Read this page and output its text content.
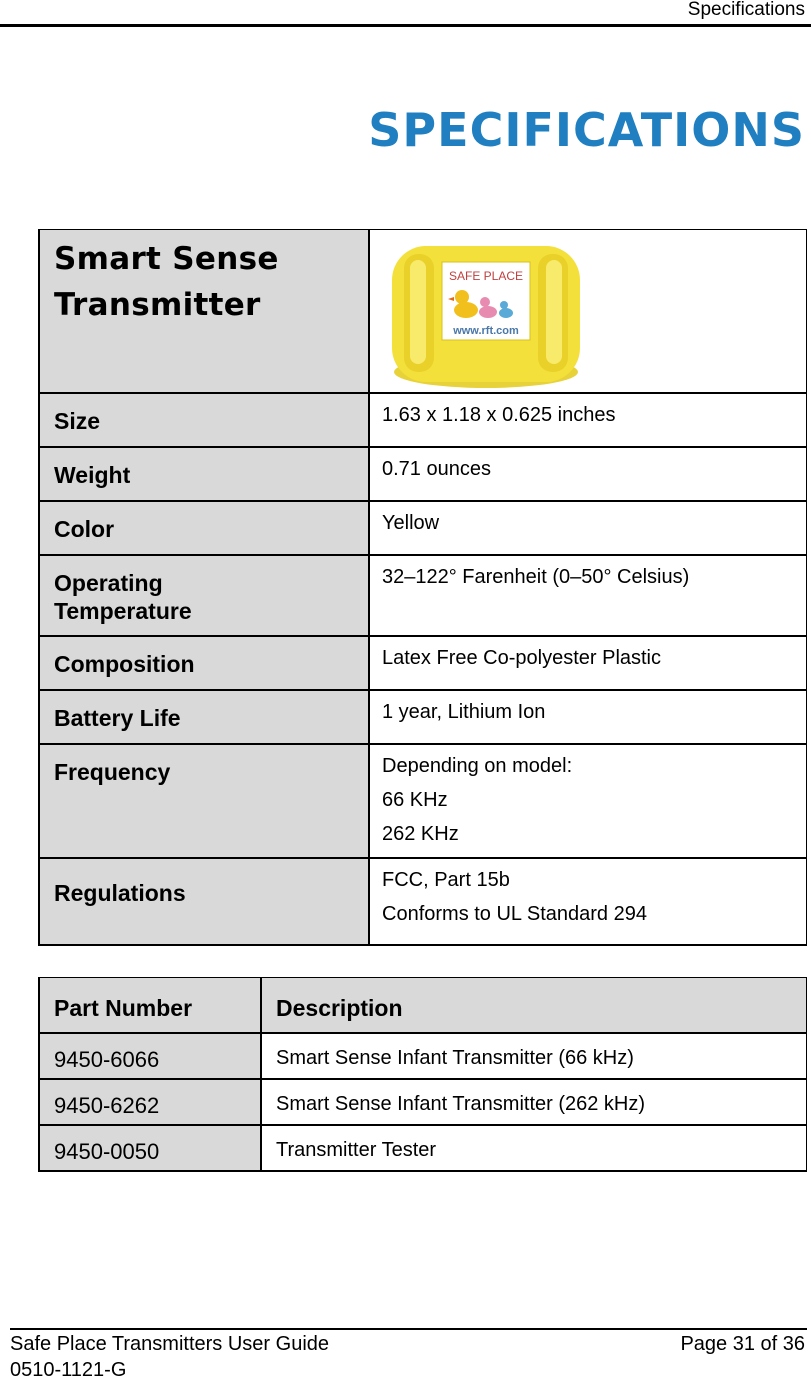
Specifications
SPECIFICATIONS
Smart Sense
Transmitter	SAFE PLACE
www.rft.com

Size	1.63 x 1.18 x 0.625 inches

Weight	0.71 ounces

Color	Yellow

Operating
Temperature	32–122° Farenheit (0–50° Celsius)

Composition	Latex Free Co-polyester Plastic

Battery Life	1 year, Lithium Ion

Frequency	Depending on model:
66 KHz
262 KHz

Regulations	FCC, Part 15b
Conforms to UL Standard 294
Part Number	Description
9450-6066	Smart Sense Infant Transmitter (66 kHz)
9450-6262	Smart Sense Infant Transmitter (262 kHz)
9450-0050	Transmitter Tester
Safe Place Transmitters User Guide
0510-1121-G
Page 31 of 36
